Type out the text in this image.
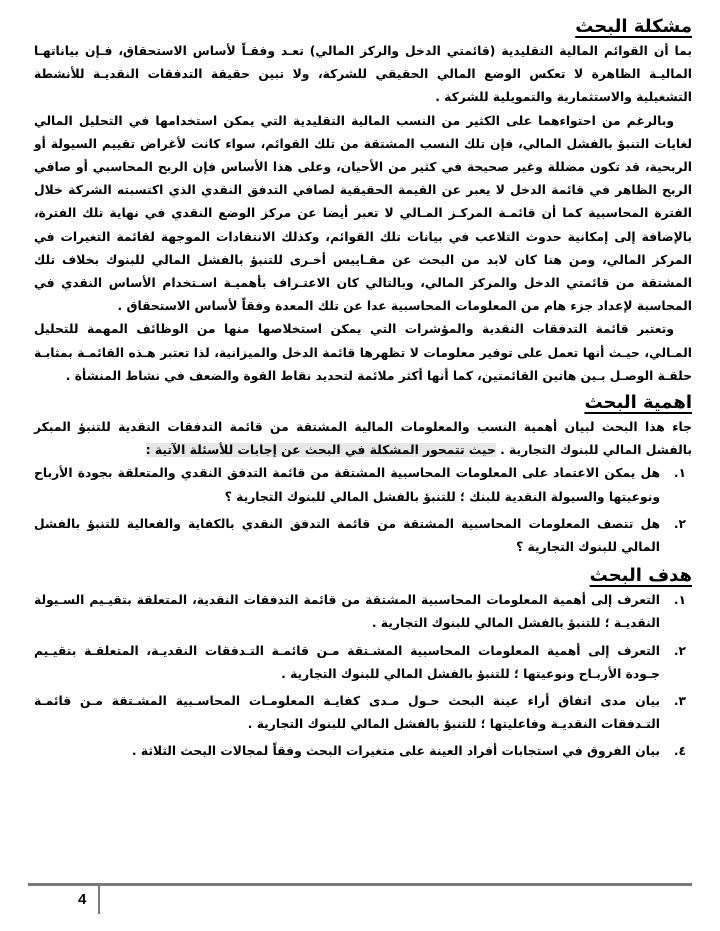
مشكلة البحث

بما أن القوائم المالية التقليدية (قائمتي الدخل والركز المالي) تعـد وفقـاً لأساس الاستحقاق، فـإن بياناتهـا الماليـة الظاهرة لا تعكس الوضع المالي الحقيقي للشركة، ولا تبين حقيقة التدفقات النقديـة للأنشطة التشغيلية والاستثمارية والتمويلية للشركة .

وبالرغم من احتواءهما على الكثير من النسب المالية التقليدية التي يمكن استخدامها في التحليل المالي لغايات التنبؤ بالفشل المالي، فإن تلك النسب المشتقة من تلك القوائم، سواء كانت لأغراض تقييم السيولة أو الربحية، قد تكون مضللة وغير صحيحة في كثير من الأحيان، وعلى هذا الأساس فإن الربح المحاسبي أو صافي الربح الظاهر في قائمة الدخل لا يعبر عن القيمة الحقيقية لصافي التدفق النقدي الذي اكتسبته الشركة خلال الفترة المحاسبية كما أن قائمـة المركـز المـالي لا تعبر أيضا عن مركز الوضع النقدي في نهاية تلك الفترة، بالإضافة إلى إمكانية حدوث التلاعب في بيانات تلك القوائم، وكذلك الانتقادات الموجهة لقائمة التغيرات في المركز المالي، ومن هنا كان لابد من البحث عن مقـاييس أخـرى للتنبؤ بالفشل المالي للبنوك بخلاف تلك المشتقة من قائمتي الدخل والمركز المالي، وبالتالي كان الاعتـراف بأهميـة اسـتخدام الأساس النقدي في المحاسبة لإعداد جزء هام من المعلومات المحاسبية عدا عن تلك المعدة وفقاً لأساس الاستحقاق .

وتعتبر قائمة التدفقات النقدية والمؤشرات التي يمكن استخلاصها منها من الوظائف المهمة للتحليل المـالي، حيـث أنها تعمل على توفير معلومات لا تظهرها قائمة الدخل والميزانية، لذا تعتبر هـذه القائمـة بمثابـة حلقـة الوصـل بـين هاتين القائمتين، كما أنها أكثر ملائمة لتحديد نقاط القوة والضعف في نشاط المنشأة .

اهمية البحث

جاء هذا البحث لبيان أهمية النسب والمعلومات المالية المشتقة من قائمة التدفقات النقدية للتنبؤ المبكر بالفشل المالي للبنوك التجارية . حيث تتمحور المشكلة في البحث عن إجابات للأسئلة الآتية :

١.
هل يمكن الاعتماد على المعلومات المحاسبية المشتقة من قائمة التدفق النقدي والمتعلقة بجودة الأرباح ونوعيتها والسيولة النقدية للبنك ؛ للتنبؤ بالفشل المالي للبنوك التجارية ؟
٢.
هل تتصف المعلومات المحاسبية المشتقة من قائمة التدفق النقدي بالكفاية والفعالية للتنبؤ بالفشل المالي للبنوك التجارية ؟
هدف البحث
١.
التعرف إلى أهمية المعلومات المحاسبية المشتقة من قائمة التدفقات النقدية، المتعلقة بتقيـيم السـيولة النقديـة ؛ للتنبؤ بالفشل المالي للبنوك التجارية .
٢.
التعرف إلى أهمية المعلومات المحاسبية المشـتقة مـن قائمـة التـدفقات النقديـة، المتعلقـة بتقيـيم جـودة الأربـاح ونوعيتها ؛ للتنبؤ بالفشل المالي للبنوك التجارية .
٣.
بيان مدى اتفاق أراء عينة البحث حـول مـدى كفايـة المعلومـات المحاسـبية المشـتقة مـن قائمـة التـدفقات النقديـة وفاعليتها ؛ للتنبؤ بالفشل المالي للبنوك التجارية .
٤.
بيان الفروق في استجابات أفراد العينة على متغيرات البحث وفقاً لمجالات البحث الثلاثة .
4
